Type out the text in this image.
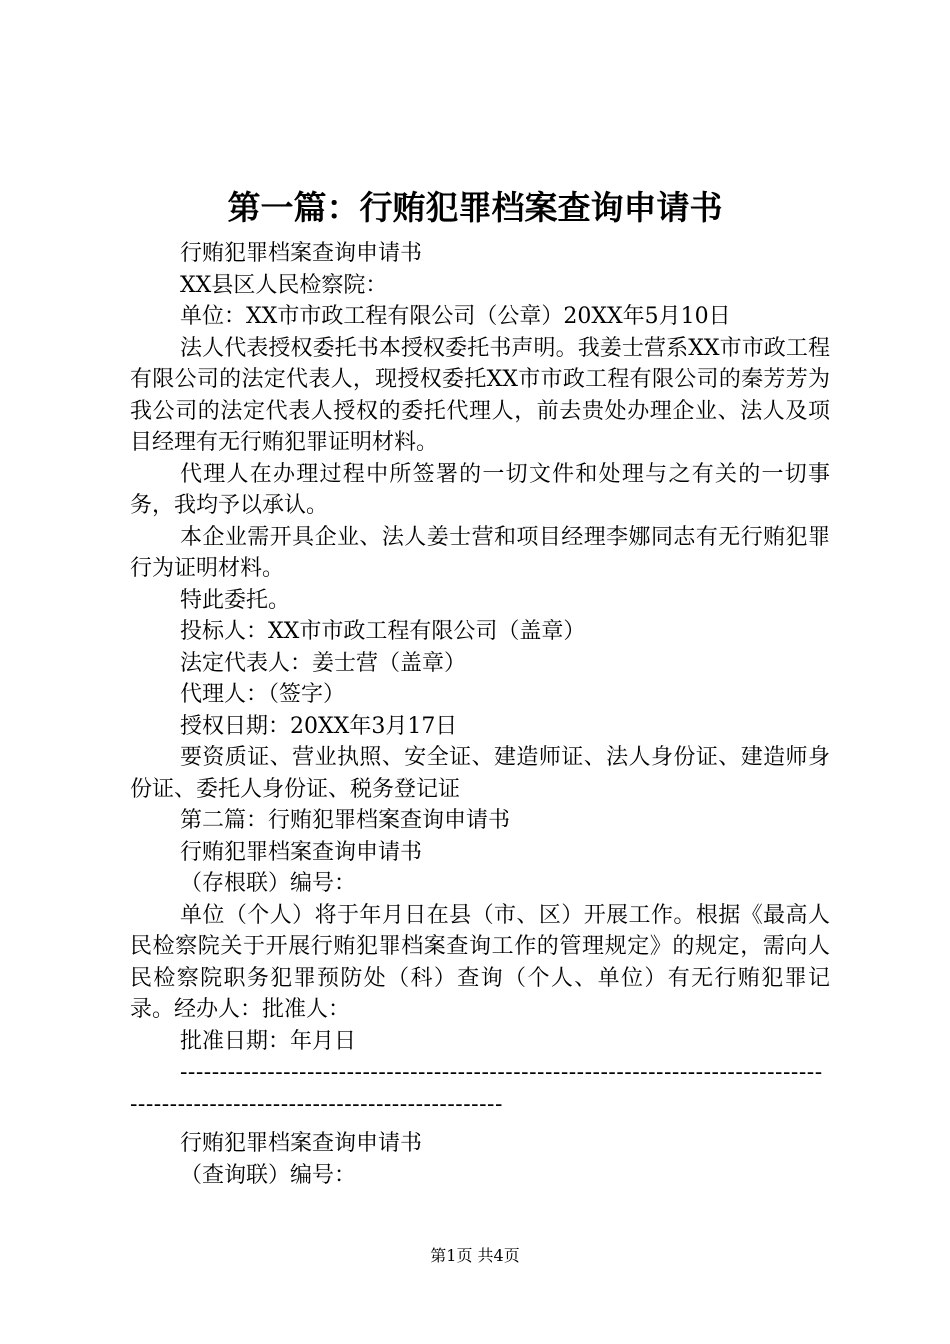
第一篇：行贿犯罪档案查询申请书

行贿犯罪档案查询申请书

XX县区人民检察院：

单位：XX市市政工程有限公司（公章）20XX年5月10日

法人代表授权委托书本授权委托书声明。我姜士营系XX市市政工程有限公司的法定代表人，现授权委托XX市市政工程有限公司的秦芳芳为我公司的法定代表人授权的委托代理人，前去贵处办理企业、法人及项目经理有无行贿犯罪证明材料。

代理人在办理过程中所签署的一切文件和处理与之有关的一切事务，我均予以承认。

本企业需开具企业、法人姜士营和项目经理李娜同志有无行贿犯罪行为证明材料。

特此委托。

投标人：XX市市政工程有限公司（盖章）

法定代表人：姜士营（盖章）

代理人：（签字）

授权日期：20XX年3月17日

要资质证、营业执照、安全证、建造师证、法人身份证、建造师身份证、委托人身份证、税务登记证

第二篇：行贿犯罪档案查询申请书

行贿犯罪档案查询申请书

（存根联）编号：

单位（个人）将于年月日在县（市、区）开展工作。根据《最高人民检察院关于开展行贿犯罪档案查询工作的管理规定》的规定，需向人民检察院职务犯罪预防处（科）查询（个人、单位）有无行贿犯罪记录。经办人：批准人：

批准日期：年月日

--------------------------------------------------------------------------------------------------------------------------------

行贿犯罪档案查询申请书

（查询联）编号：

第1页 共4页
